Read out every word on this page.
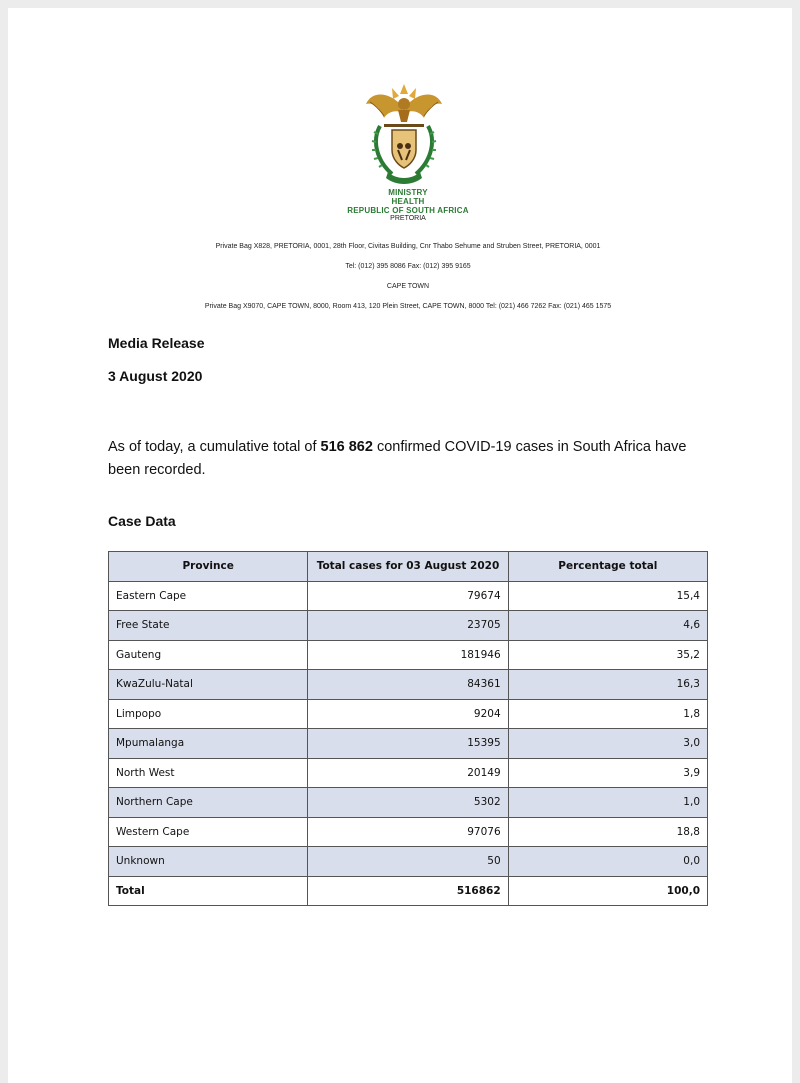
MINISTRY
HEALTH
REPUBLIC OF SOUTH AFRICA
PRETORIA
Private Bag X828, PRETORIA, 0001, 28th Floor, Civitas Building, Cnr Thabo Sehume and Struben Street, PRETORIA, 0001
Tel: (012) 395 8086 Fax: (012) 395 9165
CAPE TOWN
Private Bag X9070, CAPE TOWN, 8000, Room 413, 120 Plein Street, CAPE TOWN, 8000 Tel: (021) 466 7262 Fax: (021) 465 1575
Media Release
3 August 2020
As of today, a cumulative total of 516 862 confirmed COVID-19 cases in South Africa have been recorded.
Case Data
Province	Total cases for 03 August 2020	Percentage total
Eastern Cape	79674	15,4
Free State	23705	4,6
Gauteng	181946	35,2
KwaZulu-Natal	84361	16,3
Limpopo	9204	1,8
Mpumalanga	15395	3,0
North West	20149	3,9
Northern Cape	5302	1,0
Western Cape	97076	18,8
Unknown	50	0,0
Total	516862	100,0
